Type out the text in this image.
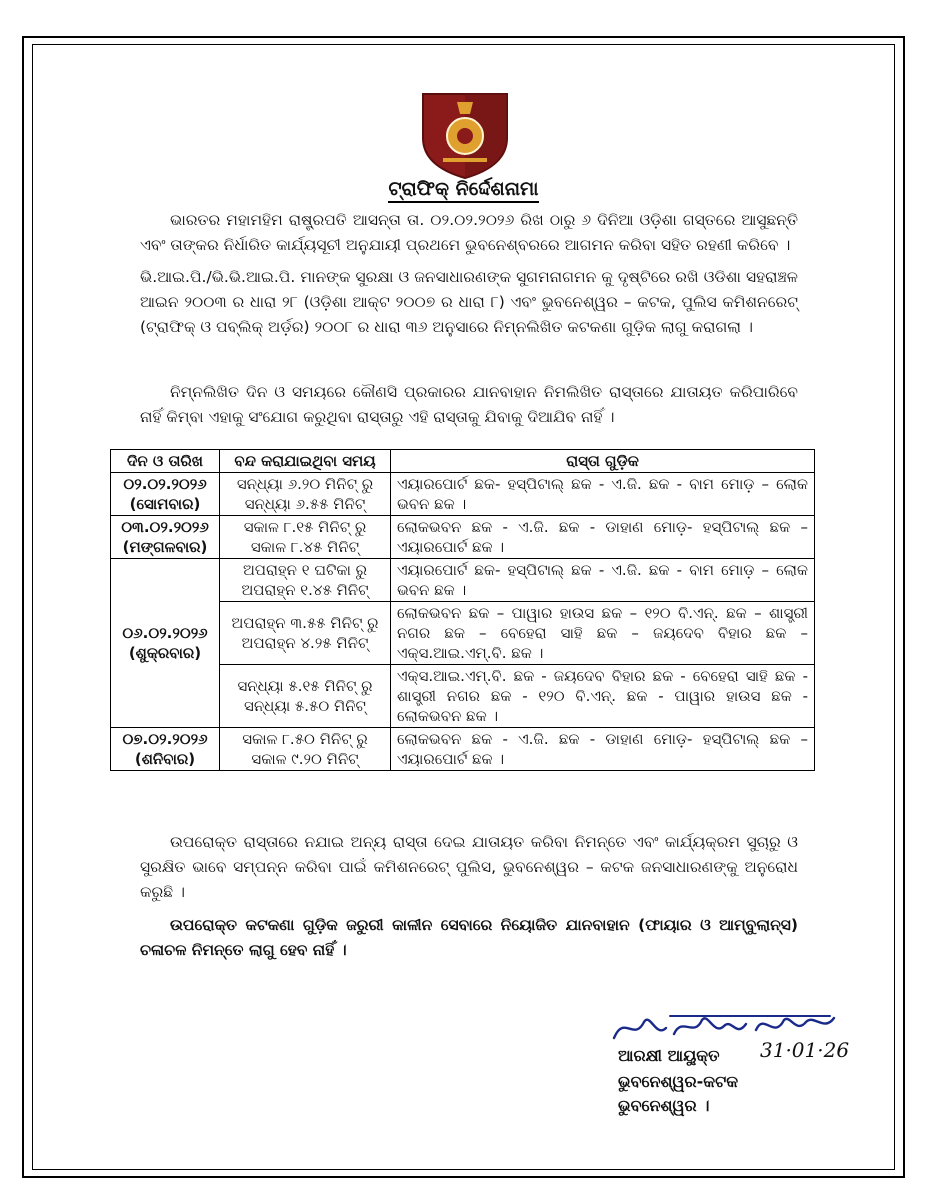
ଟ୍ରାଫିକ୍ ନିର୍ଦ୍ଦେଶନାମା
ଭାରତର ମହାମହିମ ରାଷ୍ଟ୍ରପତି ଆସନ୍ତା ତା. ୦୨.୦୨.୨୦୨୬ ରିଖ ଠାରୁ ୬ ଦିନିଆ ଓଡ଼ିଶା ଗସ୍ତରେ ଆସୁଛନ୍ତି ଏବଂ ତାଙ୍କର ନିର୍ଧାରିତ କାର୍ଯ୍ୟସୂଚୀ ଅନୁଯାୟୀ ପ୍ରଥମେ ଭୁବନେଶ୍ବରରେ ଆଗମନ କରିବା ସହିତ ରହଣୀ କରିବେ ।
ଭି.ଆଇ.ପି./ଭି.ଭି.ଆଇ.ପି. ମାନଙ୍କ ସୁରକ୍ଷା ଓ ଜନସାଧାରଣଙ୍କ ସୁଗମନାଗମନ କୁ ଦୃଷ୍ଟିରେ ରଖି ଓଡିଶା ସହରାଞ୍ଚଳ ଆଇନ ୨୦୦୩ ର ଧାରା ୨୮ (ଓଡ଼ିଶା ଆକ୍ଟ ୨୦୦୭ ର ଧାରା ୮) ଏବଂ ଭୁବନେଶ୍ୱର – କଟକ, ପୁଲିସ କମିଶନରେଟ୍ (ଟ୍ରାଫିକ୍ ଓ ପବ୍ଲିକ୍ ଅର୍ଡ଼ର) ୨୦୦୮ ର ଧାରା ୩୬ ଅନୁସାରେ ନିମ୍ନଲିଖିତ କଟକଣା ଗୁଡ଼ିକ ଲାଗୁ କରାଗଲା ।
ନିମ୍ନଲିଖିତ ଦିନ ଓ ସମୟରେ କୌଣସି ପ୍ରକାରର ଯାନବାହାନ ନିମଲିଖିତ ରାସ୍ତାରେ ଯାତାୟତ କରିପାରିବେ ନାହିଁ କିମ୍ବା ଏହାକୁ ସଂଯୋଗ କରୁଥିବା ରାସ୍ତାରୁ ଏହି ରାସ୍ତାକୁ ଯିବାକୁ ଦିଆଯିବ ନାହିଁ ।
ଦିନ ଓ ତାରିଖ	ବନ୍ଦ କରାଯାଇଥିବା ସମୟ	ରାସ୍ତା ଗୁଡ଼ିକ
୦୨.୦୨.୨୦୨୬
(ସୋମବାର)	ସନ୍ଧ୍ୟା ୬.୨୦ ମିନିଟ୍ ରୁ ସନ୍ଧ୍ୟା ୬.୫୫ ମିନିଟ୍	ଏୟାରପୋର୍ଟ ଛକ- ହସ୍ପିଟାଲ୍ ଛକ - ଏ.ଜି. ଛକ - ବାମ ମୋଡ଼ – ଲୋକ ଭବନ ଛକ ।
୦୩.୦୨.୨୦୨୬
(ମଙ୍ଗଳବାର)	ସକାଳ ୮.୧୫ ମିନିଟ୍ ରୁ ସକାଳ ୮.୪୫ ମିନିଟ୍	ଲୋକଭବନ ଛକ - ଏ.ଜି. ଛକ - ଡାହାଣ ମୋଡ଼- ହସ୍ପିଟାଲ୍ ଛକ – ଏୟାରପୋର୍ଟ ଛକ ।
୦୬.୦୨.୨୦୨୬
(ଶୁକ୍ରବାର)	ଅପରାହ୍ନ ୧ ଘଟିକା ରୁ ଅପରାହ୍ନ ୧.୪୫ ମିନିଟ୍	ଏୟାରପୋର୍ଟ ଛକ- ହସ୍ପିଟାଲ୍ ଛକ - ଏ.ଜି. ଛକ - ବାମ ମୋଡ଼ – ଲୋକ ଭବନ ଛକ ।
	ଅପରାହ୍ନ ୩.୫୫ ମିନିଟ୍ ରୁ ଅପରାହ୍ନ ୪.୨୫ ମିନିଟ୍	ଲୋକଭବନ ଛକ – ପାୱାର ହାଉସ ଛକ – ୧୨୦ ବି.ଏନ୍. ଛକ – ଶାସ୍ତ୍ରୀ ନଗର ଛକ – ବେହେରା ସାହି ଛକ – ଜୟଦେବ ବିହାର ଛକ – ଏକ୍ସ.ଆଇ.ଏମ୍.ବି. ଛକ ।
	ସନ୍ଧ୍ୟା ୫.୧୫ ମିନିଟ୍ ରୁ ସନ୍ଧ୍ୟା ୫.୫୦ ମିନିଟ୍	ଏକ୍ସ.ଆଇ.ଏମ୍.ବି. ଛକ - ଜୟଦେବ ବିହାର ଛକ - ବେହେରା ସାହି ଛକ - ଶାସ୍ତ୍ରୀ ନଗର ଛକ - ୧୨୦ ବି.ଏନ୍. ଛକ - ପାୱାର ହାଉସ ଛକ - ଲୋକଭବନ ଛକ ।
୦୭.୦୨.୨୦୨୬
(ଶନିବାର)	ସକାଳ ୮.୫୦ ମିନିଟ୍ ରୁ ସକାଳ ୯.୨୦ ମିନିଟ୍	ଲୋକଭବନ ଛକ - ଏ.ଜି. ଛକ - ଡାହାଣ ମୋଡ଼- ହସ୍ପିଟାଲ୍ ଛକ – ଏୟାରପୋର୍ଟ ଛକ ।
ଉପରୋକ୍ତ ରାସ୍ତାରେ ନଯାଇ ଅନ୍ୟ ରାସ୍ତା ଦେଇ ଯାତାୟତ କରିବା ନିମନ୍ତେ ଏବଂ କାର୍ଯ୍ୟକ୍ରମ ସୁଚାରୁ ଓ ସୁରକ୍ଷିତ ଭାବେ ସମ୍ପନ୍ନ କରିବା ପାଇଁ କମିଶନରେଟ୍ ପୁଲିସ, ଭୁବନେଶ୍ୱର – କଟକ ଜନସାଧାରଣଙ୍କୁ ଅନୁରୋଧ କରୁଛି ।
ଉପରୋକ୍ତ କଟକଣା ଗୁଡ଼ିକ ଜରୁରୀ କାଳୀନ ସେବାରେ ନିୟୋଜିତ ଯାନବାହାନ (ଫାୟାର ଓ ଆମ୍ବୁଲାନ୍ସ) ଚଳାଚଳ ନିମନ୍ତେ ଲାଗୁ ହେବ ନାହିଁ ।
31·01·26
ଆରକ୍ଷୀ ଆୟୁକ୍ତ
ଭୁବନେଶ୍ୱର-କଟକ
ଭୁବନେଶ୍ୱର ।
